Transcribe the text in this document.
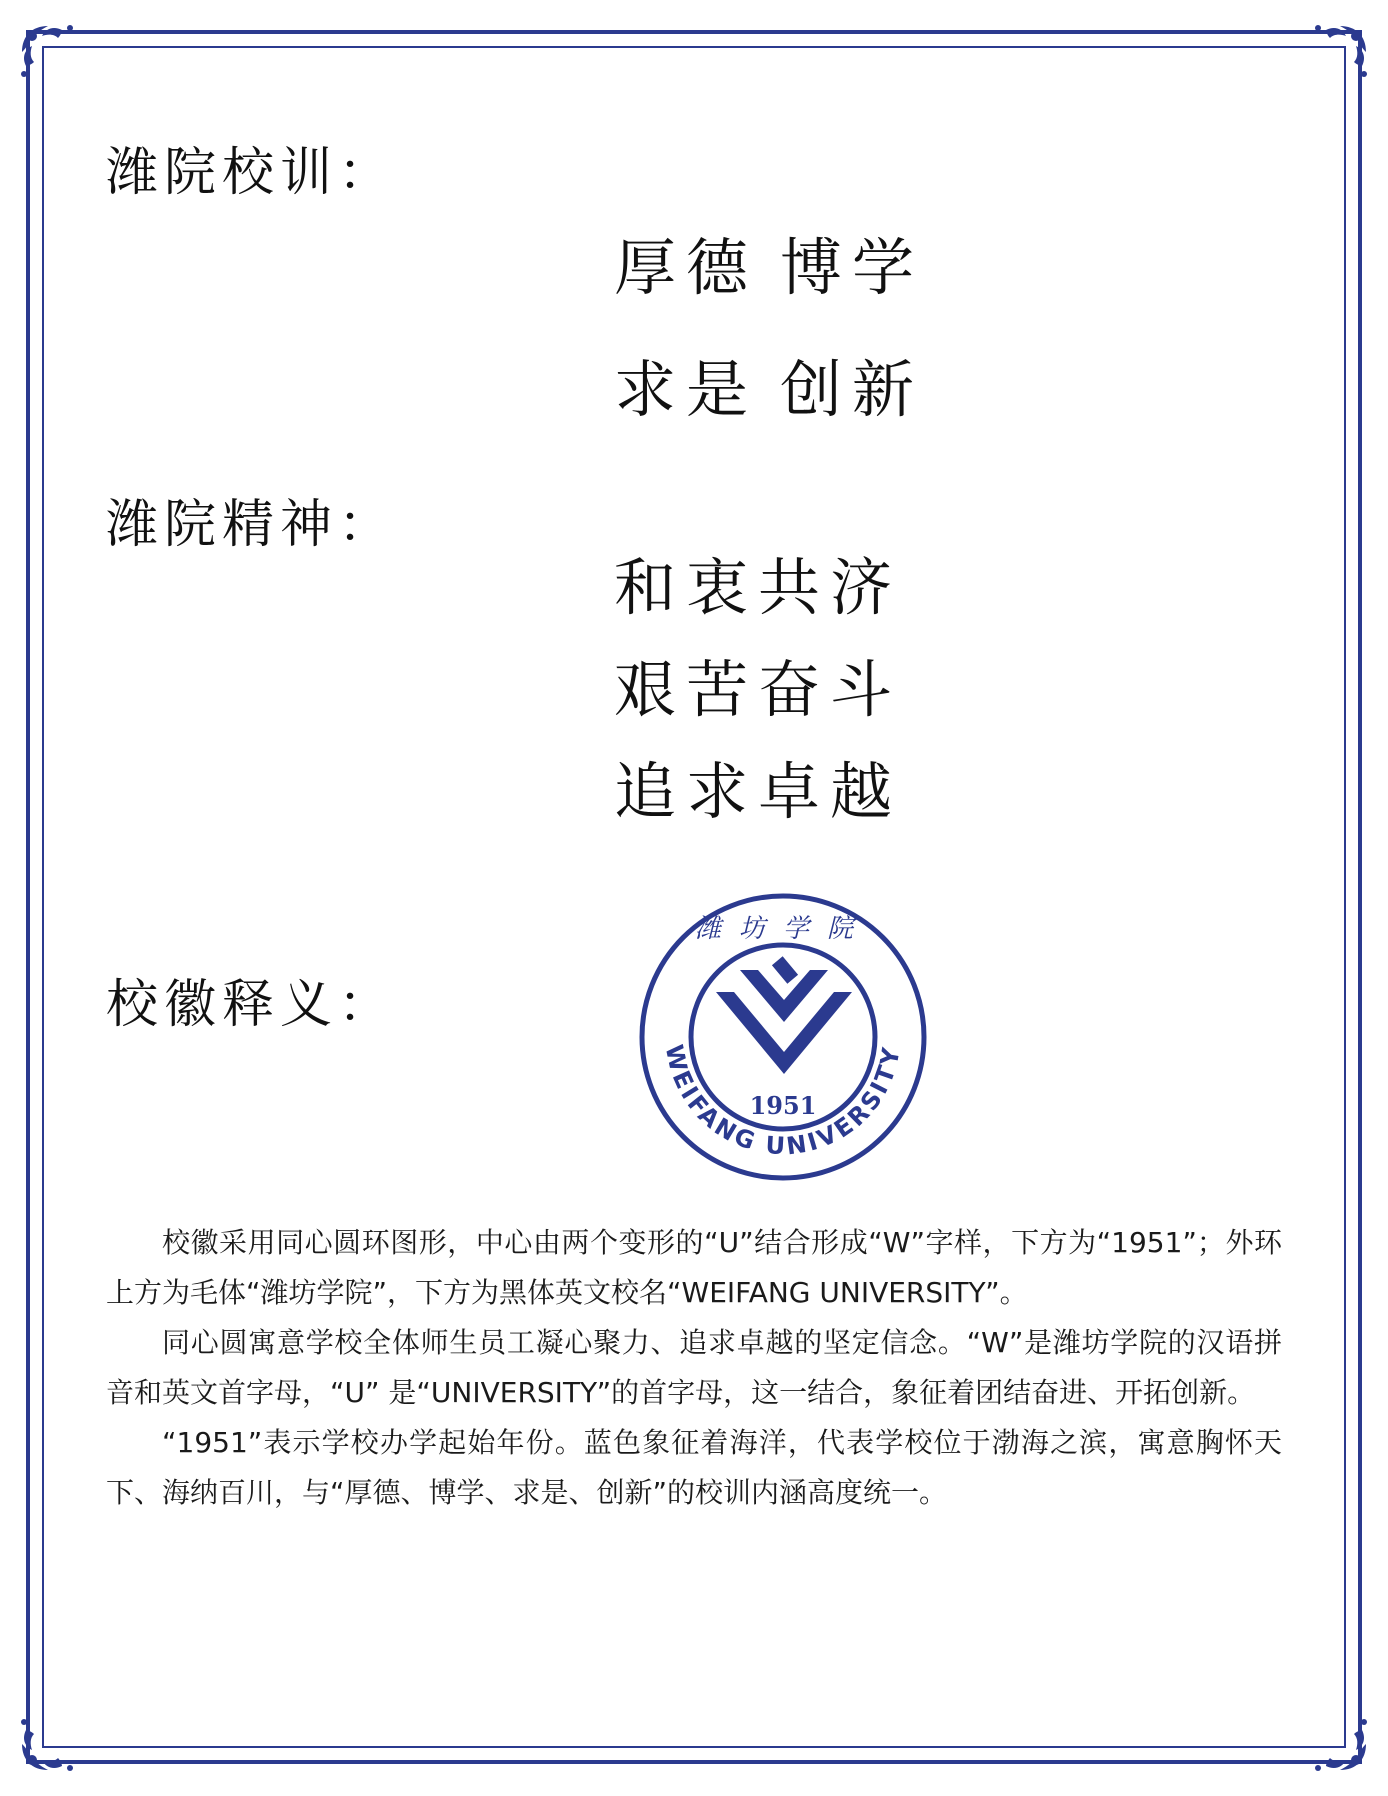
潍院校训：
厚德 博学
求是 创新
潍院精神：
和衷共济
艰苦奋斗
追求卓越
校徽释义：
1951
潍坊学院
WEIFANG UNIVERSITY

校徽采用同心圆环图形，中心由两个变形的“U”结合形成“W”字样，下方为“1951”；外环上方为毛体“潍坊学院”，下方为黑体英文校名“WEIFANG UNIVERSITY”。

同心圆寓意学校全体师生员工凝心聚力、追求卓越的坚定信念。“W”是潍坊学院的汉语拼音和英文首字母，“U” 是“UNIVERSITY”的首字母，这一结合，象征着团结奋进、开拓创新。

“1951”表示学校办学起始年份。蓝色象征着海洋，代表学校位于渤海之滨，寓意胸怀天下、海纳百川，与“厚德、博学、求是、创新”的校训内涵高度统一。
